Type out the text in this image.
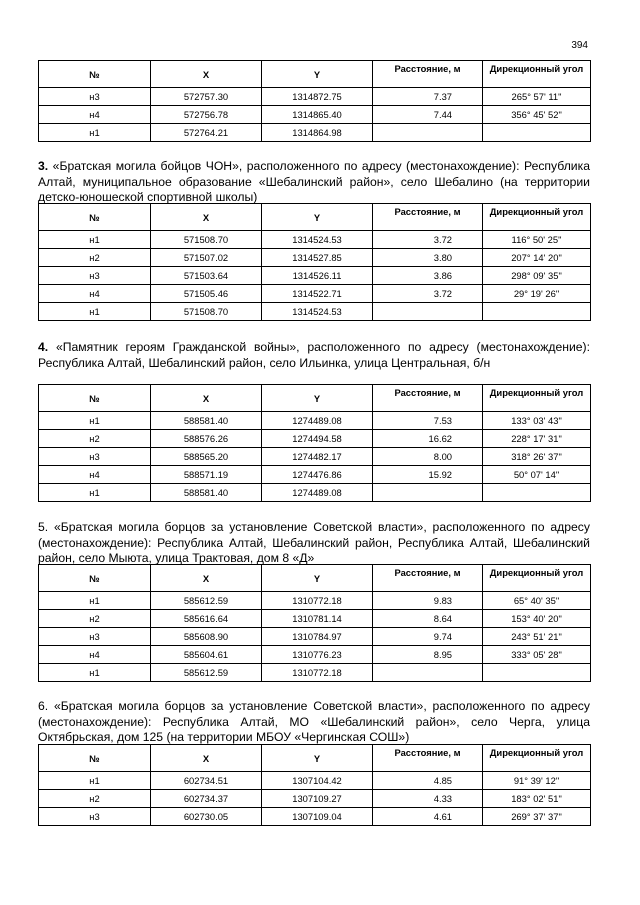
394
№	X	Y	Расстояние, м	Дирекционный угол
н3	572757.30	1314872.75	7.37	265° 57' 11"
н4	572756.78	1314865.40	7.44	356° 45' 52"
н1	572764.21	1314864.98		
3. «Братская могила бойцов ЧОН», расположенного по адресу (местонахождение): Республика Алтай, муниципальное образование «Шебалинский район», село Шебалино (на территории детско-юношеской спортивной школы)
№	X	Y	Расстояние, м	Дирекционный угол
н1	571508.70	1314524.53	3.72	116° 50' 25"
н2	571507.02	1314527.85	3.80	207° 14' 20"
н3	571503.64	1314526.11	3.86	298° 09' 35"
н4	571505.46	1314522.71	3.72	29° 19' 26"
н1	571508.70	1314524.53		
4. «Памятник героям Гражданской войны», расположенного по адресу (местонахождение): Республика Алтай, Шебалинский район, село Ильинка, улица Центральная, б/н
№	X	Y	Расстояние, м	Дирекционный угол
н1	588581.40	1274489.08	7.53	133° 03' 43"
н2	588576.26	1274494.58	16.62	228° 17' 31"
н3	588565.20	1274482.17	8.00	318° 26' 37"
н4	588571.19	1274476.86	15.92	50° 07' 14"
н1	588581.40	1274489.08		
5. «Братская могила борцов за установление Советской власти», расположенного по адресу (местонахождение): Республика Алтай, Шебалинский район, Республика Алтай, Шебалинский район, село Мыюта, улица Трактовая, дом 8 «Д»
№	X	Y	Расстояние, м	Дирекционный угол
н1	585612.59	1310772.18	9.83	65° 40' 35"
н2	585616.64	1310781.14	8.64	153° 40' 20"
н3	585608.90	1310784.97	9.74	243° 51' 21"
н4	585604.61	1310776.23	8.95	333° 05' 28"
н1	585612.59	1310772.18		
6. «Братская могила борцов за установление Советской власти», расположенного по адресу (местонахождение): Республика Алтай, МО «Шебалинский район», село Черга, улица Октябрьская, дом 125 (на территории МБОУ «Чергинская СОШ»)
№	X	Y	Расстояние, м	Дирекционный угол
н1	602734.51	1307104.42	4.85	91° 39' 12"
н2	602734.37	1307109.27	4.33	183° 02' 51"
н3	602730.05	1307109.04	4.61	269° 37' 37"
